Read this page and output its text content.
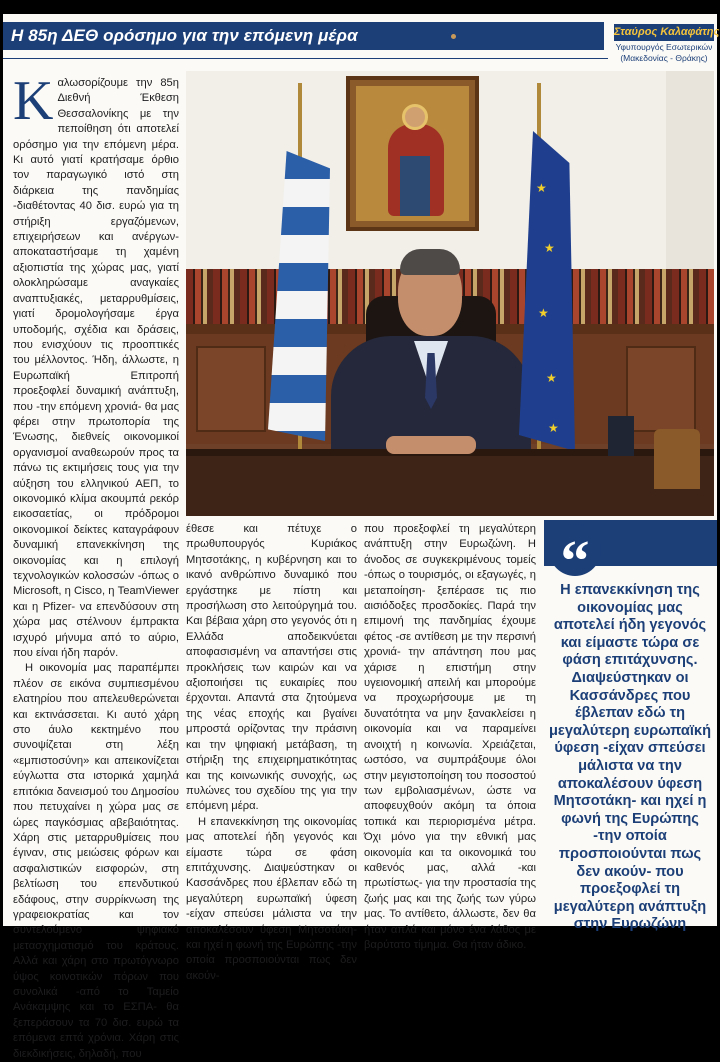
Η 85η ΔΕΘ ορόσημο για την επόμενη μέρα	Σταύρος Καλαφάτης
Υφυπουργός Εσωτερικών (Μακεδονίας - Θράκης)
★
★
★
★
★

Καλωσορίζουμε την 85η Διεθνή Έκθεση Θεσσαλονίκης με την πεποίθηση ότι αποτελεί ορόσημο για την επόμενη μέρα. Κι αυτό γιατί κρατήσαμε όρθιο τον παραγωγικό ιστό στη διάρκεια της πανδημίας -διαθέτοντας 40 δισ. ευρώ για τη στήριξη εργαζόμενων, επιχειρήσεων και ανέργων- αποκαταστήσαμε τη χαμένη αξιοπιστία της χώρας μας, γιατί ολοκληρώσαμε αναγκαίες αναπτυξιακές, μεταρρυθμίσεις, γιατί δρομολογήσαμε έργα υποδομής, σχέδια και δράσεις, που ενισχύουν τις προοπτικές του μέλλοντος. Ήδη, άλλωστε, η Ευρωπαϊκή Επιτροπή προεξοφλεί δυναμική ανάπτυξη, που -την επόμενη χρονιά- θα μας φέρει στην πρωτοπορία της Ένωσης, διεθνείς οικονομικοί οργανισμοί αναθεωρούν προς τα πάνω τις εκτιμήσεις τους για την αύξηση του ελληνικού ΑΕΠ, το οικονομικό κλίμα ακουμπά ρεκόρ εικοσαετίας, οι πρόδρομοι οικονομικοί δείκτες καταγράφουν δυναμική επανεκκίνηση της οικονομίας και η επιλογή τεχνολογικών κολοσσών -όπως ο Microsoft, η Cisco, η TeamViewer και η Pfizer- να επενδύσουν στη χώρα μας στέλνουν έμπρακτα ισχυρό μήνυμα από το αύριο, που είναι ήδη παρόν.

Η οικονομία μας παραπέμπει πλέον σε εικόνα συμπιεσμένου ελατηρίου που απελευθερώνεται και εκτινάσσεται. Κι αυτό χάρη στο άυλο κεκτημένο που συνοψίζεται στη λέξη «εμπιστοσύνη» και απεικονίζεται εύγλωττα στα ιστορικά χαμηλά επιτόκια δανεισμού του Δημοσίου που πετυχαίνει η χώρα μας σε ώρες παγκόσμιας αβεβαιότητας. Χάρη στις μεταρρυθμίσεις που έγιναν, στις μειώσεις φόρων και ασφαλιστικών εισφορών, στη βελτίωση του επενδυτικού εδάφους, στην συρρίκνωση της γραφειοκρατίας και τον συντελούμενο ψηφιακό μετασχηματισμό του κράτους. Αλλά και χάρη στο πρωτόγνωρο ύψος κοινοτικών πόρων που συνολικά -από το Ταμείο Ανάκαμψης και το ΕΣΠΑ- θα ξεπεράσουν τα 70 δισ. ευρώ τα επόμενα επτά χρόνια. Χάρη στις διεκδικήσεις, δηλαδή, που

έθεσε και πέτυχε ο πρωθυπουργός Κυριάκος Μητσοτάκης, η κυβέρνηση και το ικανό ανθρώπινο δυναμικό που εργάστηκε με πίστη και προσήλωση στο λειτούργημά του. Και βέβαια χάρη στο γεγονός ότι η Ελλάδα αποδεικνύεται αποφασισμένη να απαντήσει στις προκλήσεις των καιρών και να αξιοποιήσει τις ευκαιρίες που έρχονται. Απαντά στα ζητούμενα της νέας εποχής και βγαίνει μπροστά ορίζοντας την πράσινη και την ψηφιακή μετάβαση, τη στήριξη της επιχειρηματικότητας και της κοινωνικής συνοχής, ως πυλώνες του σχεδίου της για την επόμενη μέρα.

Η επανεκκίνηση της οικονομίας μας αποτελεί ήδη γεγονός και είμαστε τώρα σε φάση επιτάχυνσης. Διαψεύστηκαν οι Κασσάνδρες που έβλεπαν εδώ τη μεγαλύτερη ευρωπαϊκή ύφεση -είχαν σπεύσει μάλιστα να την αποκαλέσουν ύφεση Μητσοτάκη- και ηχεί η φωνή της Ευρώπης -την οποία προσποιούνται πως δεν ακούν-

που προεξοφλεί τη μεγαλύτερη ανάπτυξη στην Ευρωζώνη. Η άνοδος σε συγκεκριμένους τομείς -όπως ο τουρισμός, οι εξαγωγές, η μεταποίηση- ξεπέρασε τις πιο αισιόδοξες προσδοκίες. Παρά την επιμονή της πανδημίας έχουμε φέτος -σε αντίθεση με την περσινή χρονιά- την απάντηση που μας χάρισε η επιστήμη στην υγειονομική απειλή και μπορούμε να προχωρήσουμε με τη δυνατότητα να μην ξανακλείσει η οικονομία και να παραμείνει ανοιχτή η κοινωνία. Χρειάζεται, ωστόσο, να συμπράξουμε όλοι στην μεγιστοποίηση του ποσοστού των εμβολιασμένων, ώστε να αποφευχθούν ακόμη τα όποια τοπικά και περιορισμένα μέτρα. Όχι μόνο για την εθνική μας οικονομία και τα οικονομικά του καθενός μας, αλλά -και πρωτίστως- για την προστασία της ζωής μας και της ζωής των γύρω μας. Το αντίθετο, άλλωστε, δεν θα ήταν απλά και μόνο ένα λάθος με βαρύτατο τίμημα. Θα ήταν άδικο.

“
Η επανεκκίνηση της οικονομίας μας αποτελεί ήδη γεγονός και είμαστε τώρα σε φάση επιτάχυνσης. Διαψεύστηκαν οι Κασσάνδρες που έβλεπαν εδώ τη μεγαλύτερη ευρωπαϊκή ύφεση -είχαν σπεύσει μάλιστα να την αποκαλέσουν ύφεση Μητσοτάκη- και ηχεί η φωνή της Ευρώπης -την οποία προσποιούνται πως δεν ακούν- που προεξοφλεί τη μεγαλύτερη ανάπτυξη στην Ευρωζώνη
